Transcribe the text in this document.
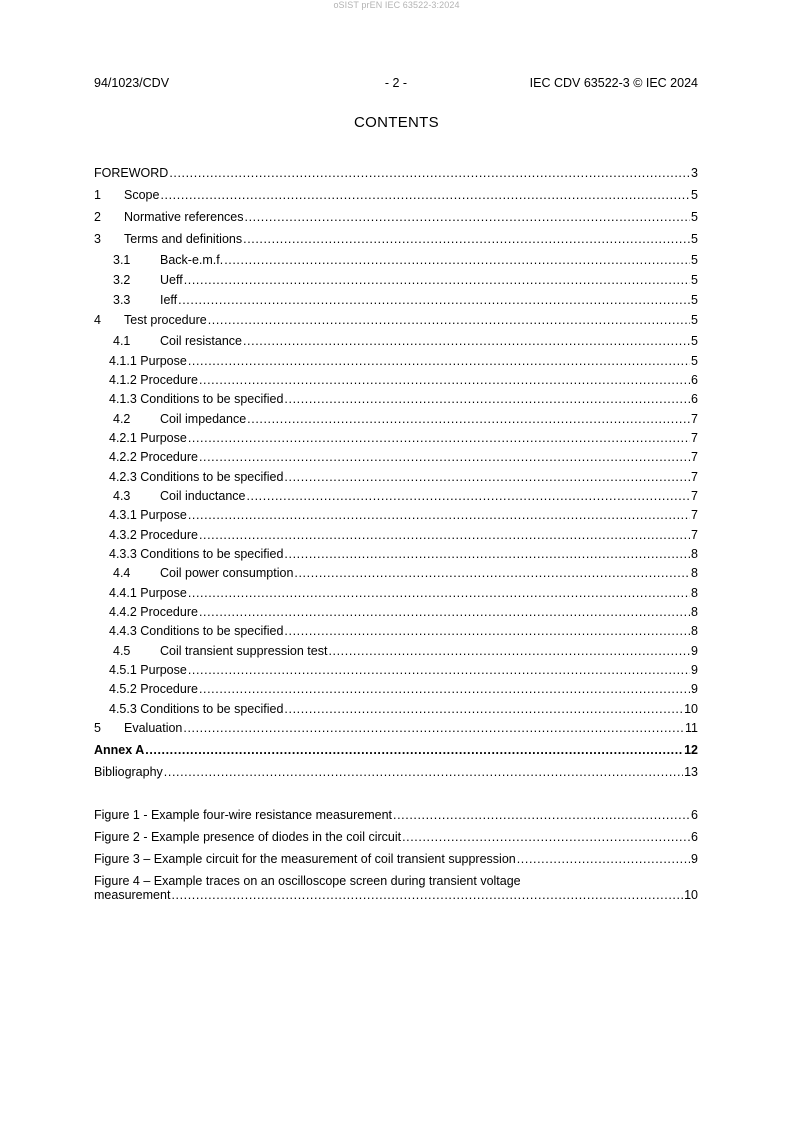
oSIST prEN IEC 63522-3:2024
94/1023/CDV	- 2 -	IEC CDV 63522-3 © IEC 2024
CONTENTS
FOREWORD .....	3
1	Scope .....	5
2	Normative references .....	5
3	Terms and definitions .....	5
3.1	Back-e.m.f. .....	5
3.2	Ueff .....	5
3.3	Ieff .....	5
4	Test procedure .....	5
4.1	Coil resistance .....	5
4.1.1 Purpose .....	5
4.1.2 Procedure .....	6
4.1.3 Conditions to be specified .....	6
4.2	Coil impedance .....	7
4.2.1 Purpose .....	7
4.2.2 Procedure .....	7
4.2.3 Conditions to be specified .....	7
4.3	Coil inductance .....	7
4.3.1 Purpose .....	7
4.3.2 Procedure .....	7
4.3.3 Conditions to be specified .....	8
4.4	Coil power consumption .....	8
4.4.1 Purpose .....	8
4.4.2 Procedure .....	8
4.4.3 Conditions to be specified .....	8
4.5	Coil transient suppression test .....	9
4.5.1 Purpose .....	9
4.5.2 Procedure .....	9
4.5.3 Conditions to be specified .....	10
5	Evaluation .....	11
Annex A .....	12
Bibliography .....	13
Figure 1 - Example four-wire resistance measurement .....	6
Figure 2 - Example presence of diodes in the coil circuit .....	6
Figure 3 – Example circuit for the measurement of coil transient suppression .....	9
Figure 4 – Example traces on an oscilloscope screen during transient voltage
measurement .....	10
